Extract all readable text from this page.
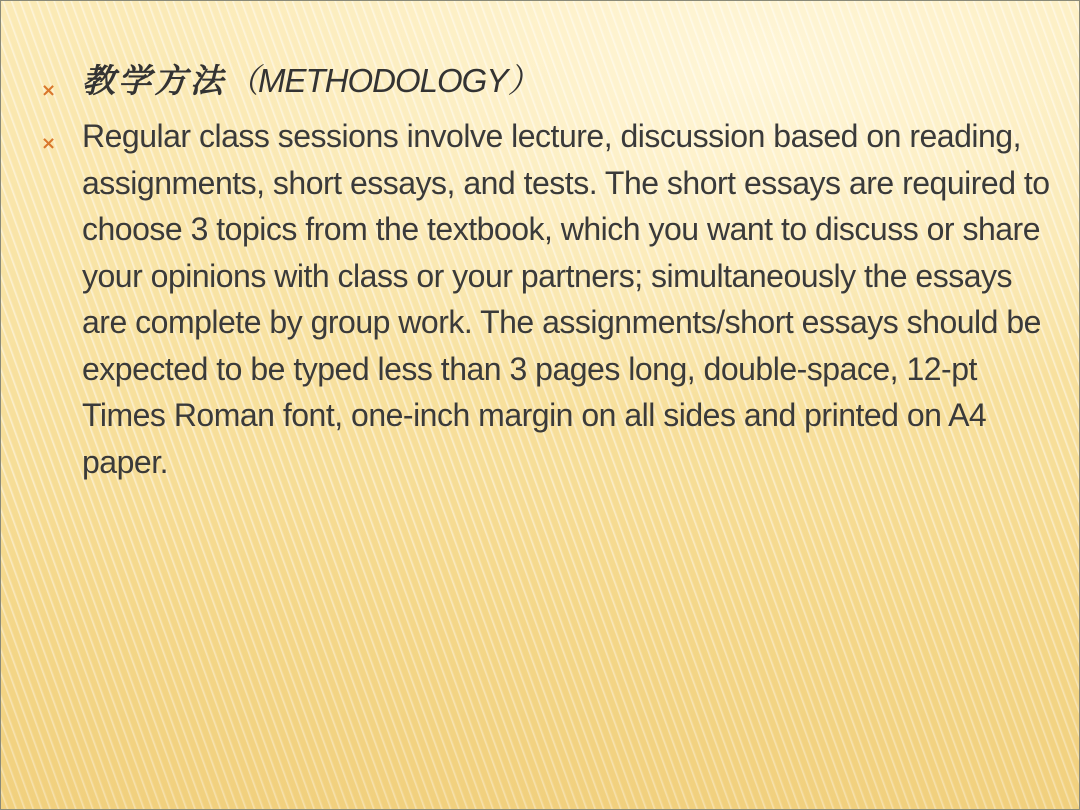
× 教学方法（METHODOLOGY）
× Regular class sessions involve lecture, discussion based on reading, assignments, short essays, and tests. The short essays are required to choose 3 topics from the textbook, which you want to discuss or share your opinions with class or your partners; simultaneously the essays are complete by group work. The assignments/short essays should be expected to be typed less than 3 pages long, double-space, 12-pt Times Roman font, one-inch margin on all sides and printed on A4 paper.
